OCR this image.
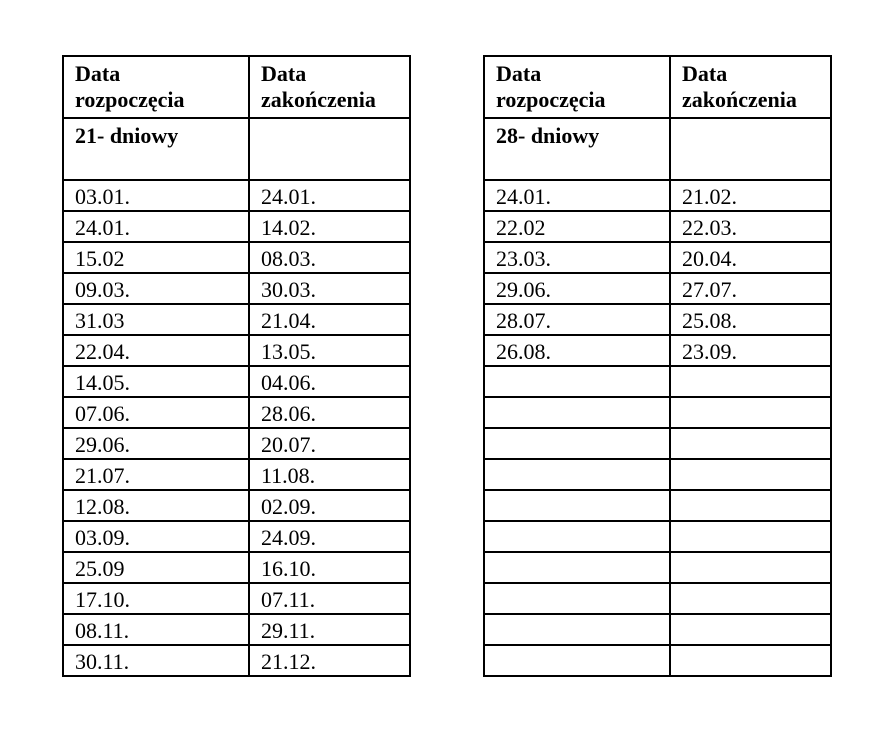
Data
rozpoczęcia	Data
zakończenia

21- dniowy	
03.01.	24.01.
24.01.	14.02.
15.02	08.03.
09.03.	30.03.
31.03	21.04.
22.04.	13.05.
14.05.	04.06.
07.06.	28.06.
29.06.	20.07.
21.07.	11.08.
12.08.	02.09.
03.09.	24.09.
25.09	16.10.
17.10.	07.11.
08.11.	29.11.
30.11.	21.12.
Data
rozpoczęcia	Data
zakończenia

28- dniowy	
24.01.	21.02.
22.02	22.03.
23.03.	20.04.
29.06.	27.07.
28.07.	25.08.
26.08.	23.09.
